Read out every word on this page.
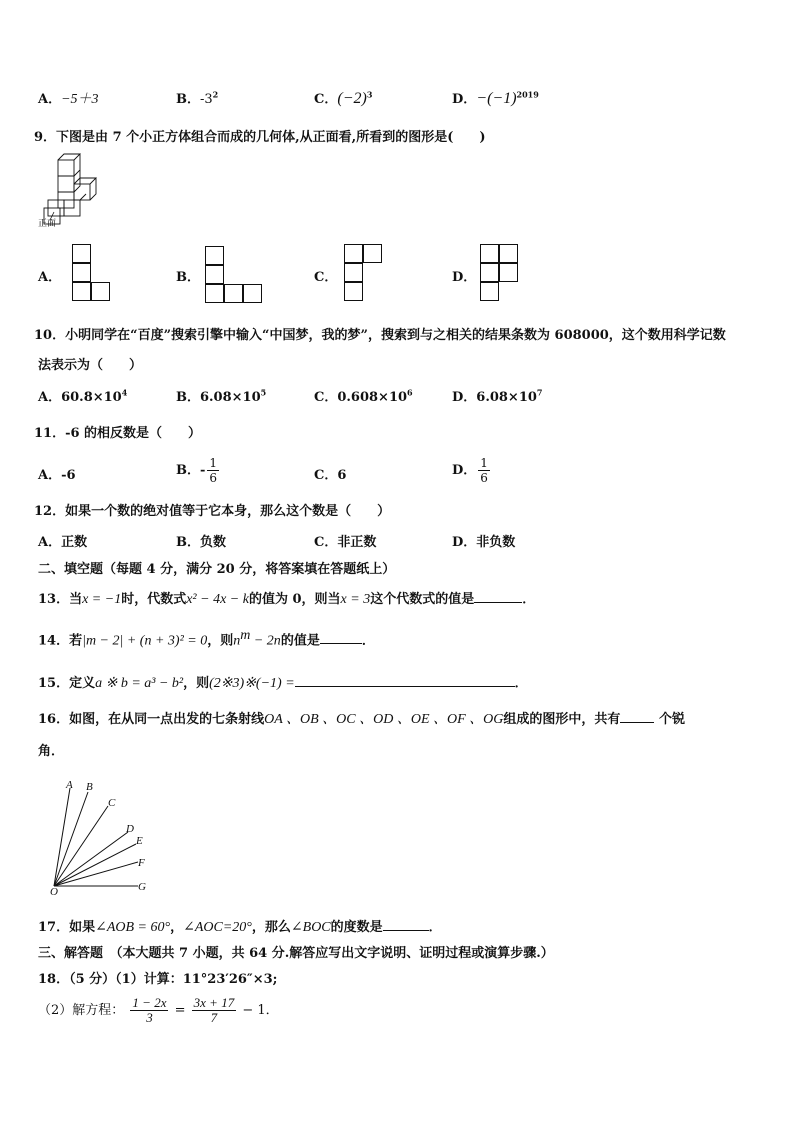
A．−5＋3	B．$-3^2$	C．$(-2)^3$	D．$-(-1)^{2019}$
9．下图是由 7 个小正方体组合而成的几何体,从正面看,所看到的图形是(　　)
正面
A．	B．	C．	D．
10．小明同学在“百度”搜索引擎中输入“中国梦，我的梦”，搜索到与之相关的结果条数为 608000，这个数用科学记数
法表示为（　　）
A．$60.8\times 10^4$	B．$6.08\times 10^5$	C．$0.608\times 10^6$	D．$6.08\times 10^7$
11．-6 的相反数是（　　）
A．-6	B．- $\frac{1}{6}$	C．6	D． $\frac{1}{6}$
12．如果一个数的绝对值等于它本身，那么这个数是（　　）
A．正数	B．负数	C．非正数	D．非负数
二、填空题（每题 4 分，满分 20 分，将答案填在答题纸上）
13．当x = −1时，代数式x² − 4x − k的值为 0，则当x = 3这个代数式的值是	．
14．若|m − 2| + (n + 3)² = 0，则$n^m - 2n$的值是	．
15．定义a ※ b = a³ − b²，则(2※3)※(−1) =	．
16．如图，在从同一点出发的七条射线OA 、OB 、OC 、OD 、OE 、OF 、OG组成的图形中，共有	个锐
角．
A B
C
D
E
F
G
O
17．如果∠AOB = 60°，∠AOC=20°，那么∠BOC的度数是	．
三、解答题　（本大题共 7 小题，共 64 分.解答应写出文字说明、证明过程或演算步骤.）
18．（5 分）（1）计算：11°23′26″×3;
（2）解方程： $\frac{1 - 2x}{3} = \frac{3x + 17}{7} - 1$．
